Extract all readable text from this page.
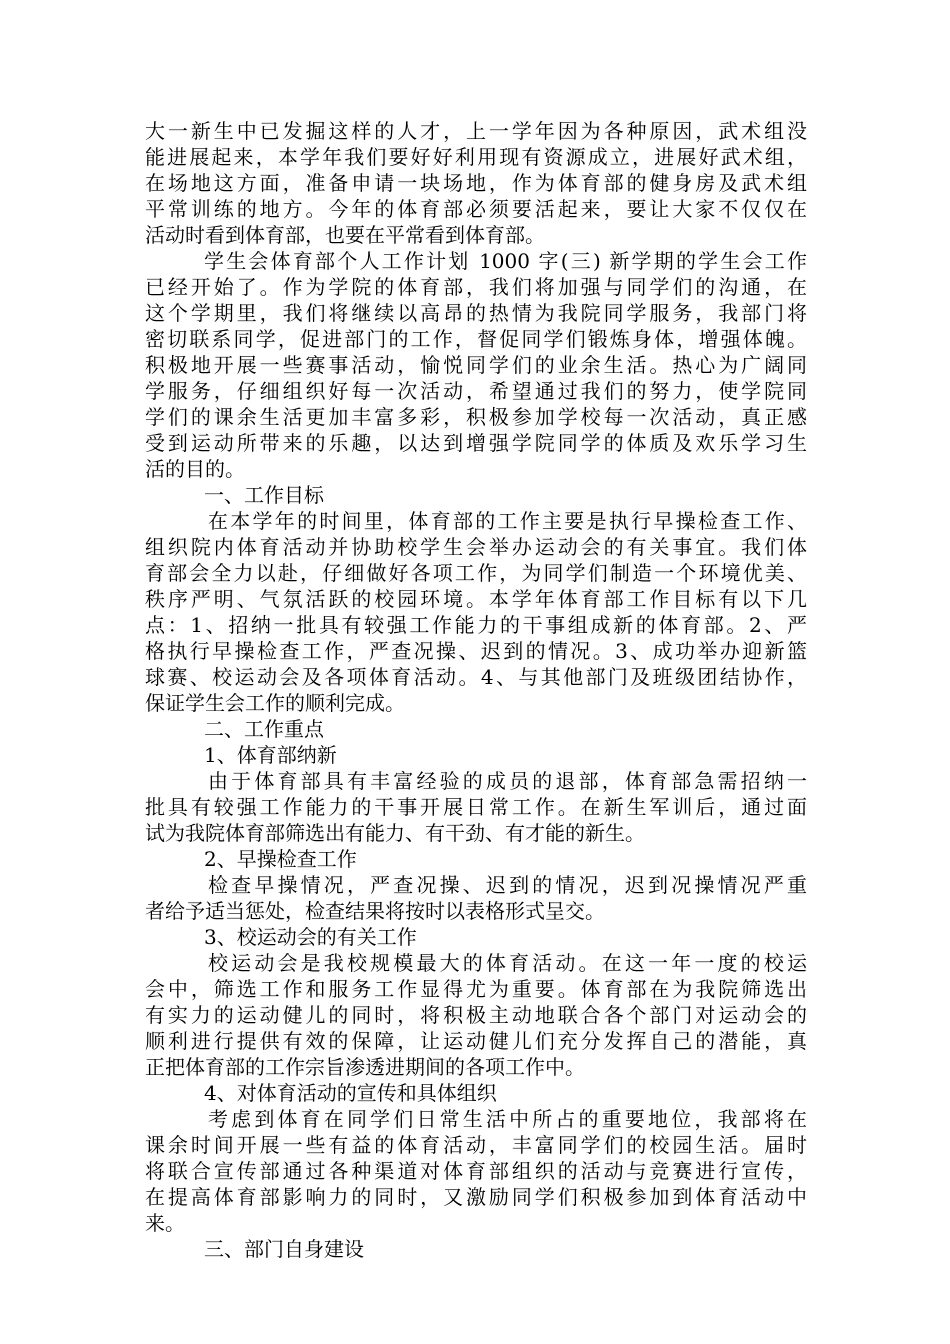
大一新生中已发掘这样的人才，上一学年因为各种原因，武术组没
能进展起来，本学年我们要好好利用现有资源成立，进展好武术组，
在场地这方面，准备申请一块场地，作为体育部的健身房及武术组
平常训练的地方。今年的体育部必须要活起来，要让大家不仅仅在
活动时看到体育部，也要在平常看到体育部。
学生会体育部个人工作计划 1000 字(三) 新学期的学生会工作
已经开始了。作为学院的体育部，我们将加强与同学们的沟通，在
这个学期里，我们将继续以高昂的热情为我院同学服务，我部门将
密切联系同学，促进部门的工作，督促同学们锻炼身体，增强体魄。
积极地开展一些赛事活动，愉悦同学们的业余生活。热心为广阔同
学服务，仔细组织好每一次活动，希望通过我们的努力，使学院同
学们的课余生活更加丰富多彩，积极参加学校每一次活动，真正感
受到运动所带来的乐趣，以达到增强学院同学的体质及欢乐学习生
活的目的。
一、工作目标
在本学年的时间里，体育部的工作主要是执行早操检查工作、
组织院内体育活动并协助校学生会举办运动会的有关事宜。我们体
育部会全力以赴，仔细做好各项工作，为同学们制造一个环境优美、
秩序严明、气氛活跃的校园环境。本学年体育部工作目标有以下几
点：1、招纳一批具有较强工作能力的干事组成新的体育部。2、严
格执行早操检查工作，严查况操、迟到的情况。3、成功举办迎新篮
球赛、校运动会及各项体育活动。4、与其他部门及班级团结协作，
保证学生会工作的顺利完成。
二、工作重点
1、体育部纳新
由于体育部具有丰富经验的成员的退部，体育部急需招纳一
批具有较强工作能力的干事开展日常工作。在新生军训后，通过面
试为我院体育部筛选出有能力、有干劲、有才能的新生。
2、早操检查工作
检查早操情况，严查况操、迟到的情况，迟到况操情况严重
者给予适当惩处，检查结果将按时以表格形式呈交。
3、校运动会的有关工作
校运动会是我校规模最大的体育活动。在这一年一度的校运
会中，筛选工作和服务工作显得尤为重要。体育部在为我院筛选出
有实力的运动健儿的同时，将积极主动地联合各个部门对运动会的
顺利进行提供有效的保障，让运动健儿们充分发挥自己的潜能，真
正把体育部的工作宗旨渗透进期间的各项工作中。
4、对体育活动的宣传和具体组织
考虑到体育在同学们日常生活中所占的重要地位，我部将在
课余时间开展一些有益的体育活动，丰富同学们的校园生活。届时
将联合宣传部通过各种渠道对体育部组织的活动与竞赛进行宣传，
在提高体育部影响力的同时，又激励同学们积极参加到体育活动中
来。
三、部门自身建设
